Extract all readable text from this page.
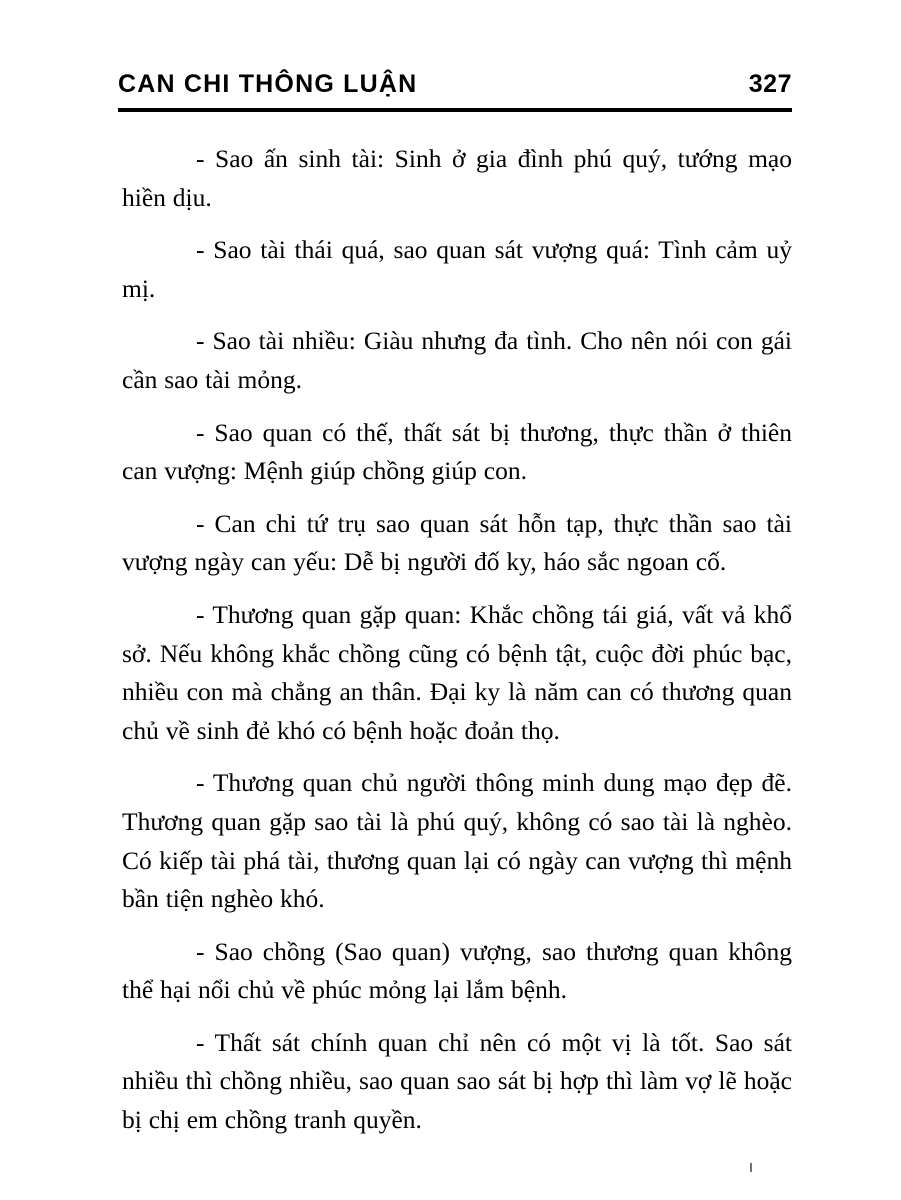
CAN CHI THÔNG LUẬN	327

- Sao ấn sinh tài: Sinh ở gia đình phú quý, tướng mạo hiền dịu.

- Sao tài thái quá, sao quan sát vượng quá: Tình cảm uỷ mị.

- Sao tài nhiều: Giàu nhưng đa tình. Cho nên nói con gái cần sao tài mỏng.

- Sao quan có thế, thất sát bị thương, thực thần ở thiên can vượng: Mệnh giúp chồng giúp con.

- Can chi tứ trụ sao quan sát hỗn tạp, thực thần sao tài vượng ngày can yếu: Dễ bị người đố ky, háo sắc ngoan cố.

- Thương quan gặp quan: Khắc chồng tái giá, vất vả khổ sở. Nếu không khắc chồng cũng có bệnh tật, cuộc đời phúc bạc, nhiều con mà chẳng an thân. Đại ky là năm can có thương quan chủ về sinh đẻ khó có bệnh hoặc đoản thọ.

- Thương quan chủ người thông minh dung mạo đẹp đẽ. Thương quan gặp sao tài là phú quý, không có sao tài là nghèo. Có kiếp tài phá tài, thương quan lại có ngày can vượng thì mệnh bần tiện nghèo khó.

- Sao chồng (Sao quan) vượng, sao thương quan không thể hại nổi chủ về phúc mỏng lại lắm bệnh.

- Thất sát chính quan chỉ nên có một vị là tốt. Sao sát nhiều thì chồng nhiều, sao quan sao sát bị hợp thì làm vợ lẽ hoặc bị chị em chồng tranh quyền.
